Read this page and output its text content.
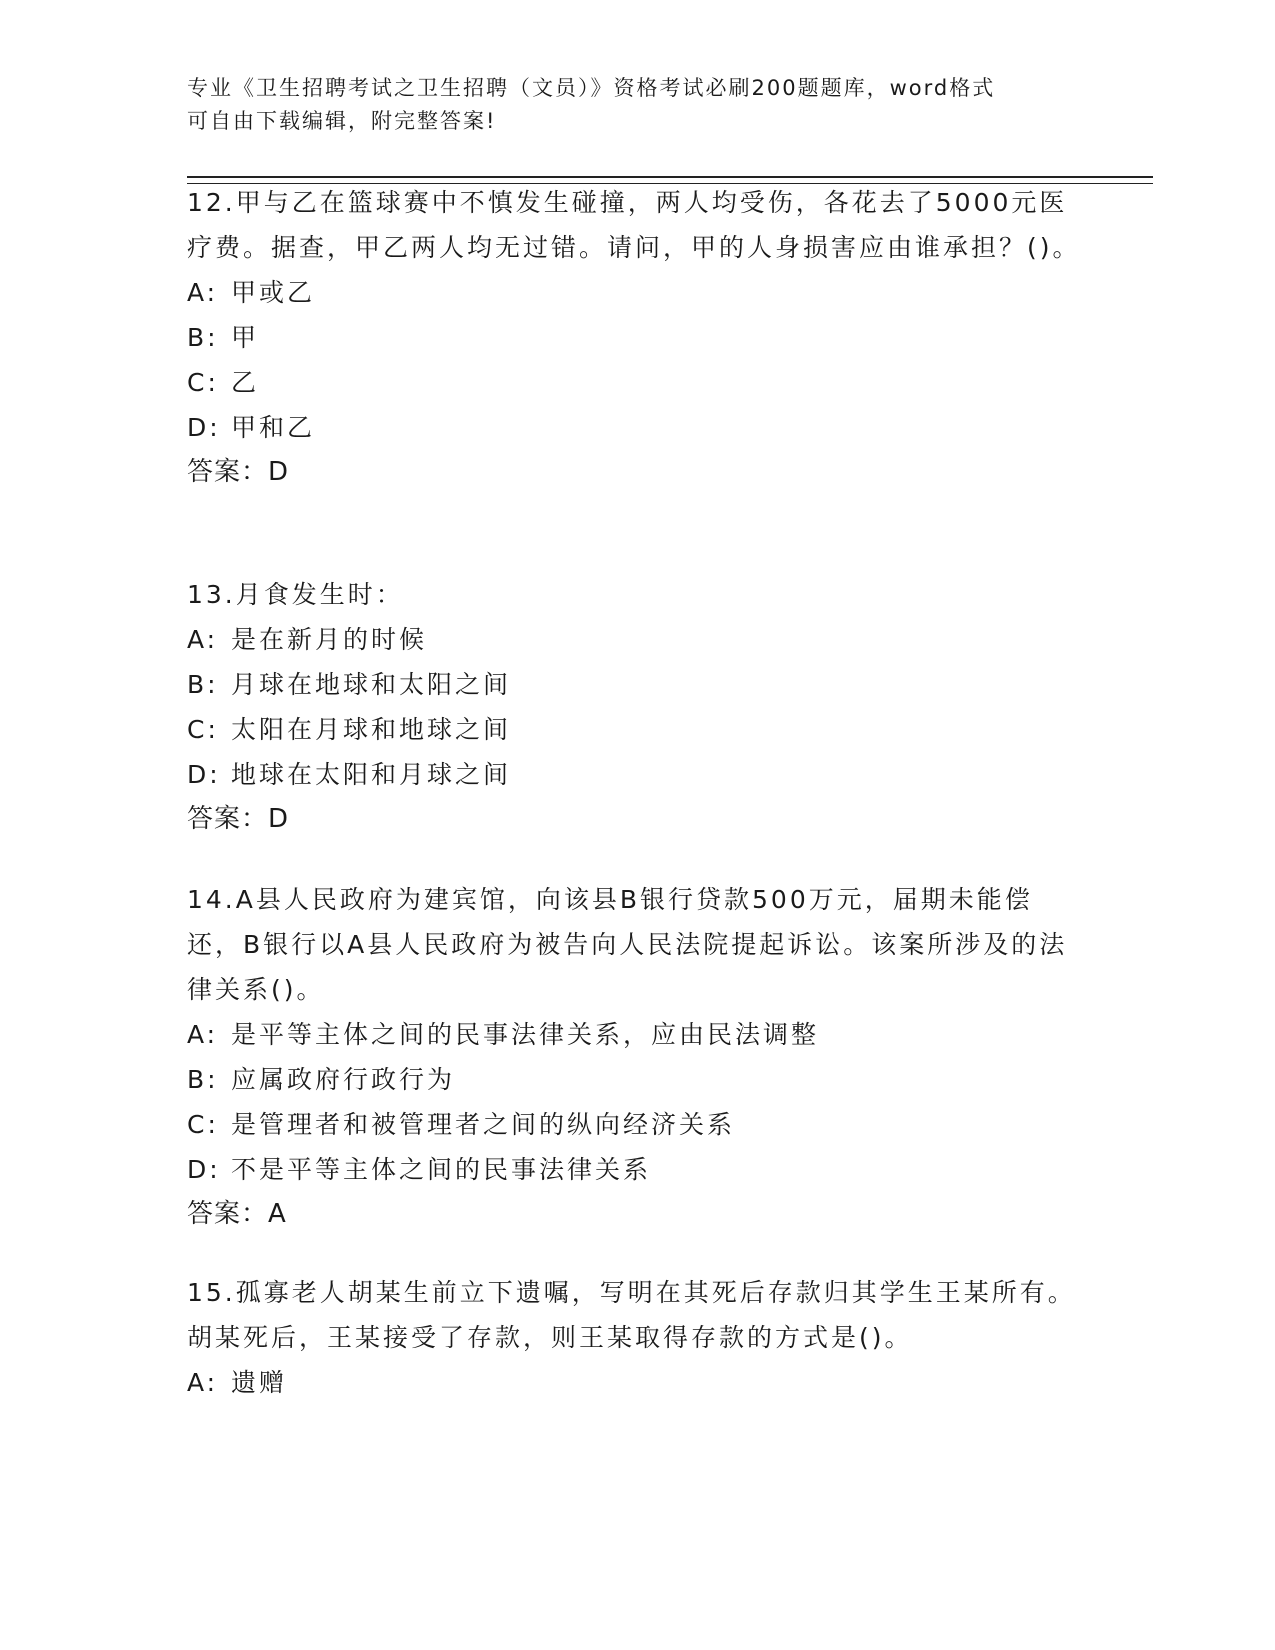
专业《卫生招聘考试之卫生招聘（文员）》资格考试必刷200题题库，word格式
可自由下载编辑，附完整答案!

12.甲与乙在篮球赛中不慎发生碰撞，两人均受伤，各花去了5000元医疗费。据查，甲乙两人均无过错。请问，甲的人身损害应由谁承担？()。

A: 甲或乙
B: 甲
C: 乙
D: 甲和乙
答案：D

13.月食发生时：

A: 是在新月的时候
B: 月球在地球和太阳之间
C: 太阳在月球和地球之间
D: 地球在太阳和月球之间
答案：D

14.A县人民政府为建宾馆，向该县B银行贷款500万元，届期未能偿还，B银行以A县人民政府为被告向人民法院提起诉讼。该案所涉及的法律关系()。

A: 是平等主体之间的民事法律关系，应由民法调整
B: 应属政府行政行为
C: 是管理者和被管理者之间的纵向经济关系
D: 不是平等主体之间的民事法律关系
答案：A

15.孤寡老人胡某生前立下遗嘱，写明在其死后存款归其学生王某所有。胡某死后，王某接受了存款，则王某取得存款的方式是()。

A: 遗赠
